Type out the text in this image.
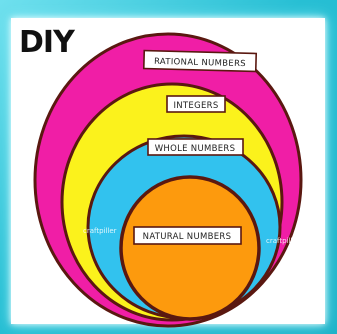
DIY
RATIONAL NUMBERS
INTEGERS
WHOLE NUMBERS
NATURAL NUMBERS
craftpiller
craftpiller
